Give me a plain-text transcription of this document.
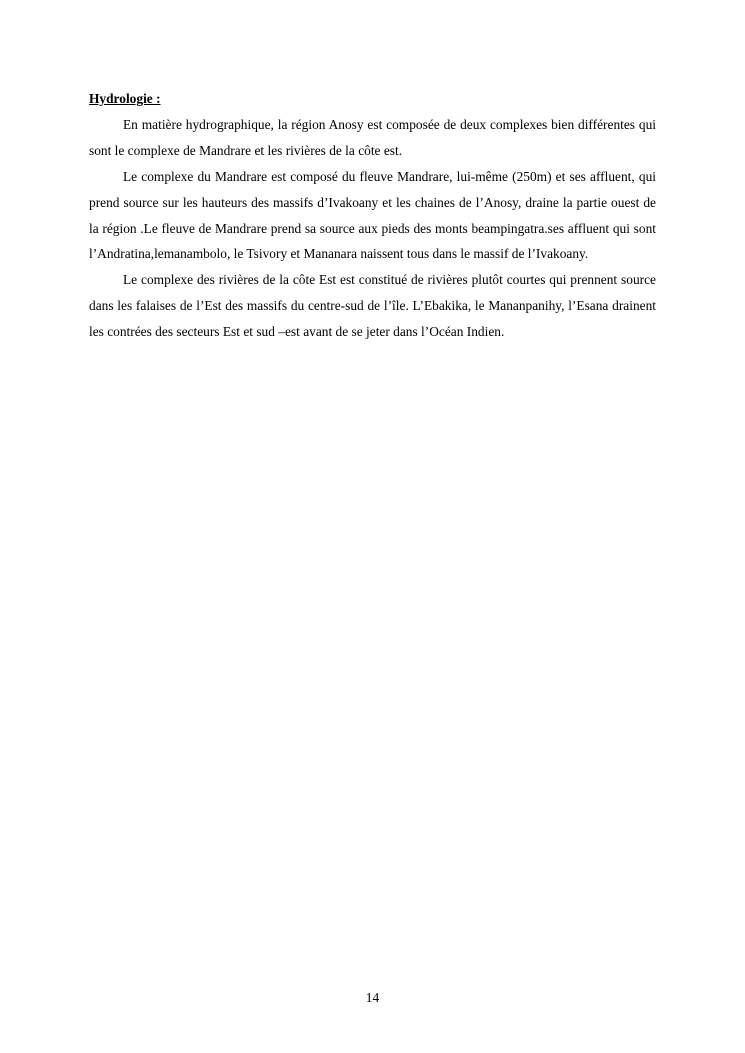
Hydrologie :

En matière hydrographique, la région Anosy est composée de deux complexes bien différentes qui sont le complexe de Mandrare et les rivières de la côte est.

Le complexe du Mandrare est composé du fleuve Mandrare, lui-même (250m) et ses affluent, qui prend source sur les hauteurs des massifs d’Ivakoany et les chaines de l’Anosy, draine la partie ouest de la région .Le fleuve de Mandrare prend sa source aux pieds des monts beampingatra.ses affluent qui sont l’Andratina,lemanambolo, le Tsivory et Mananara naissent tous dans le massif de l’Ivakoany.

Le complexe des rivières de la côte Est est constitué de rivières plutôt courtes qui prennent source dans les falaises de l’Est des massifs du centre-sud de l’île. L’Ebakika, le Mananpanihy, l’Esana drainent les contrées des secteurs Est et sud –est avant de se jeter dans l’Océan Indien.

14
